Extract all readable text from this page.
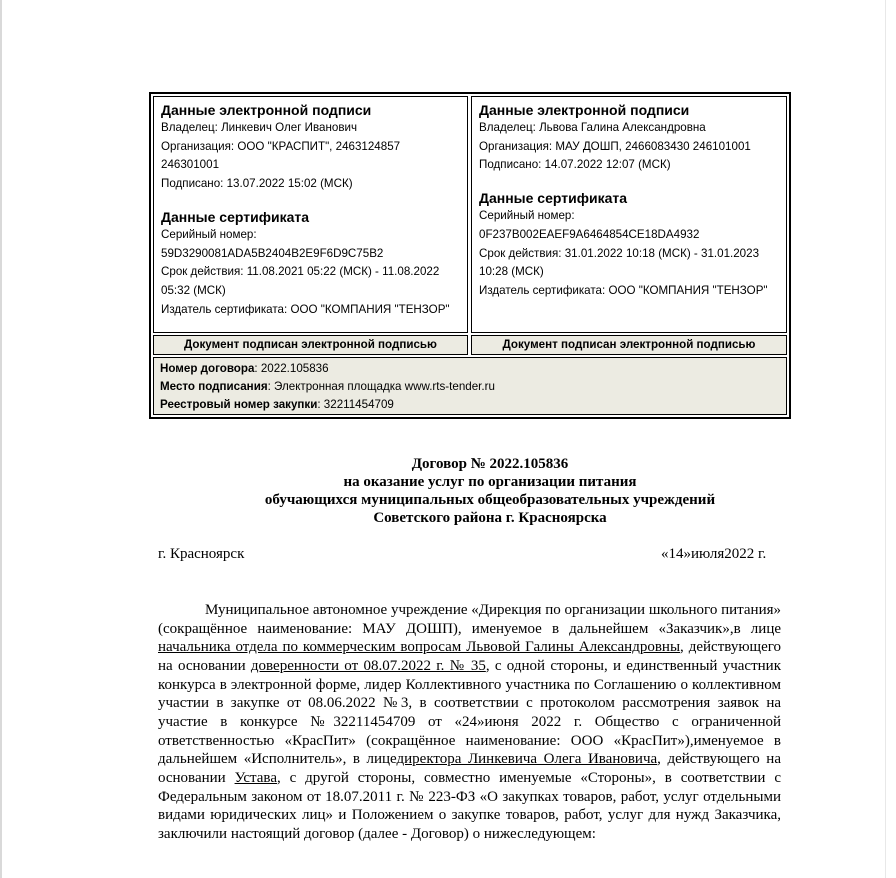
Данные электронной подписи
Владелец: Линкевич Олег Иванович
Организация: ООО "КРАСПИТ", 2463124857
246301001
Подписано: 13.07.2022 15:02 (МСК)
Данные сертификата
Серийный номер:
59D3290081ADA5B2404B2E9F6D9C75B2
Срок действия: 11.08.2021 05:22 (МСК) - 11.08.2022
05:32 (МСК)
Издатель сертификата: ООО "КОМПАНИЯ "ТЕНЗОР"
Данные электронной подписи
Владелец: Львова Галина Александровна
Организация: МАУ ДОШП, 2466083430 246101001
Подписано: 14.07.2022 12:07 (МСК)
Данные сертификата
Серийный номер:
0F237B002EAEF9A6464854CE18DA4932
Срок действия: 31.01.2022 10:18 (МСК) - 31.01.2023
10:28 (МСК)
Издатель сертификата: ООО "КОМПАНИЯ "ТЕНЗОР"
Документ подписан электронной подписью	Документ подписан электронной подписью
Номер договора: 2022.105836
Место подписания: Электронная площадка www.rts-tender.ru
Реестровый номер закупки: 32211454709
Договор № 2022.105836
на оказание услуг по организации питания
обучающихся муниципальных общеобразовательных учреждений
Советского района г. Красноярска
г. Красноярск	«14»июля2022 г.
Муниципальное автономное учреждение «Дирекция по организации школьного питания» (сокращённое наименование: МАУ ДОШП), именуемое в дальнейшем «Заказчик»,в лице начальника отдела по коммерческим вопросам Львовой Галины Александровны, действующего на основании доверенности от 08.07.2022 г. № 35, с одной стороны, и единственный участник конкурса в электронной форме, лидер Коллективного участника по Соглашению о коллективном участии в закупке от 08.06.2022 №3, в соответствии с протоколом рассмотрения заявок на участие в конкурсе №32211454709 от «24»июня 2022 г. Общество с ограниченной ответственностью «КрасПит» (сокращённое наименование: ООО «КрасПит»),именуемое в дальнейшем «Исполнитель», в лицедиректора Линкевича Олега Ивановича, действующего на основании Устава, с другой стороны, совместно именуемые «Стороны», в соответствии с Федеральным законом от 18.07.2011 г. № 223-ФЗ «О закупках товаров, работ, услуг отдельными видами юридических лиц» и Положением о закупке товаров, работ, услуг для нужд Заказчика, заключили настоящий договор (далее - Договор) о нижеследующем:
